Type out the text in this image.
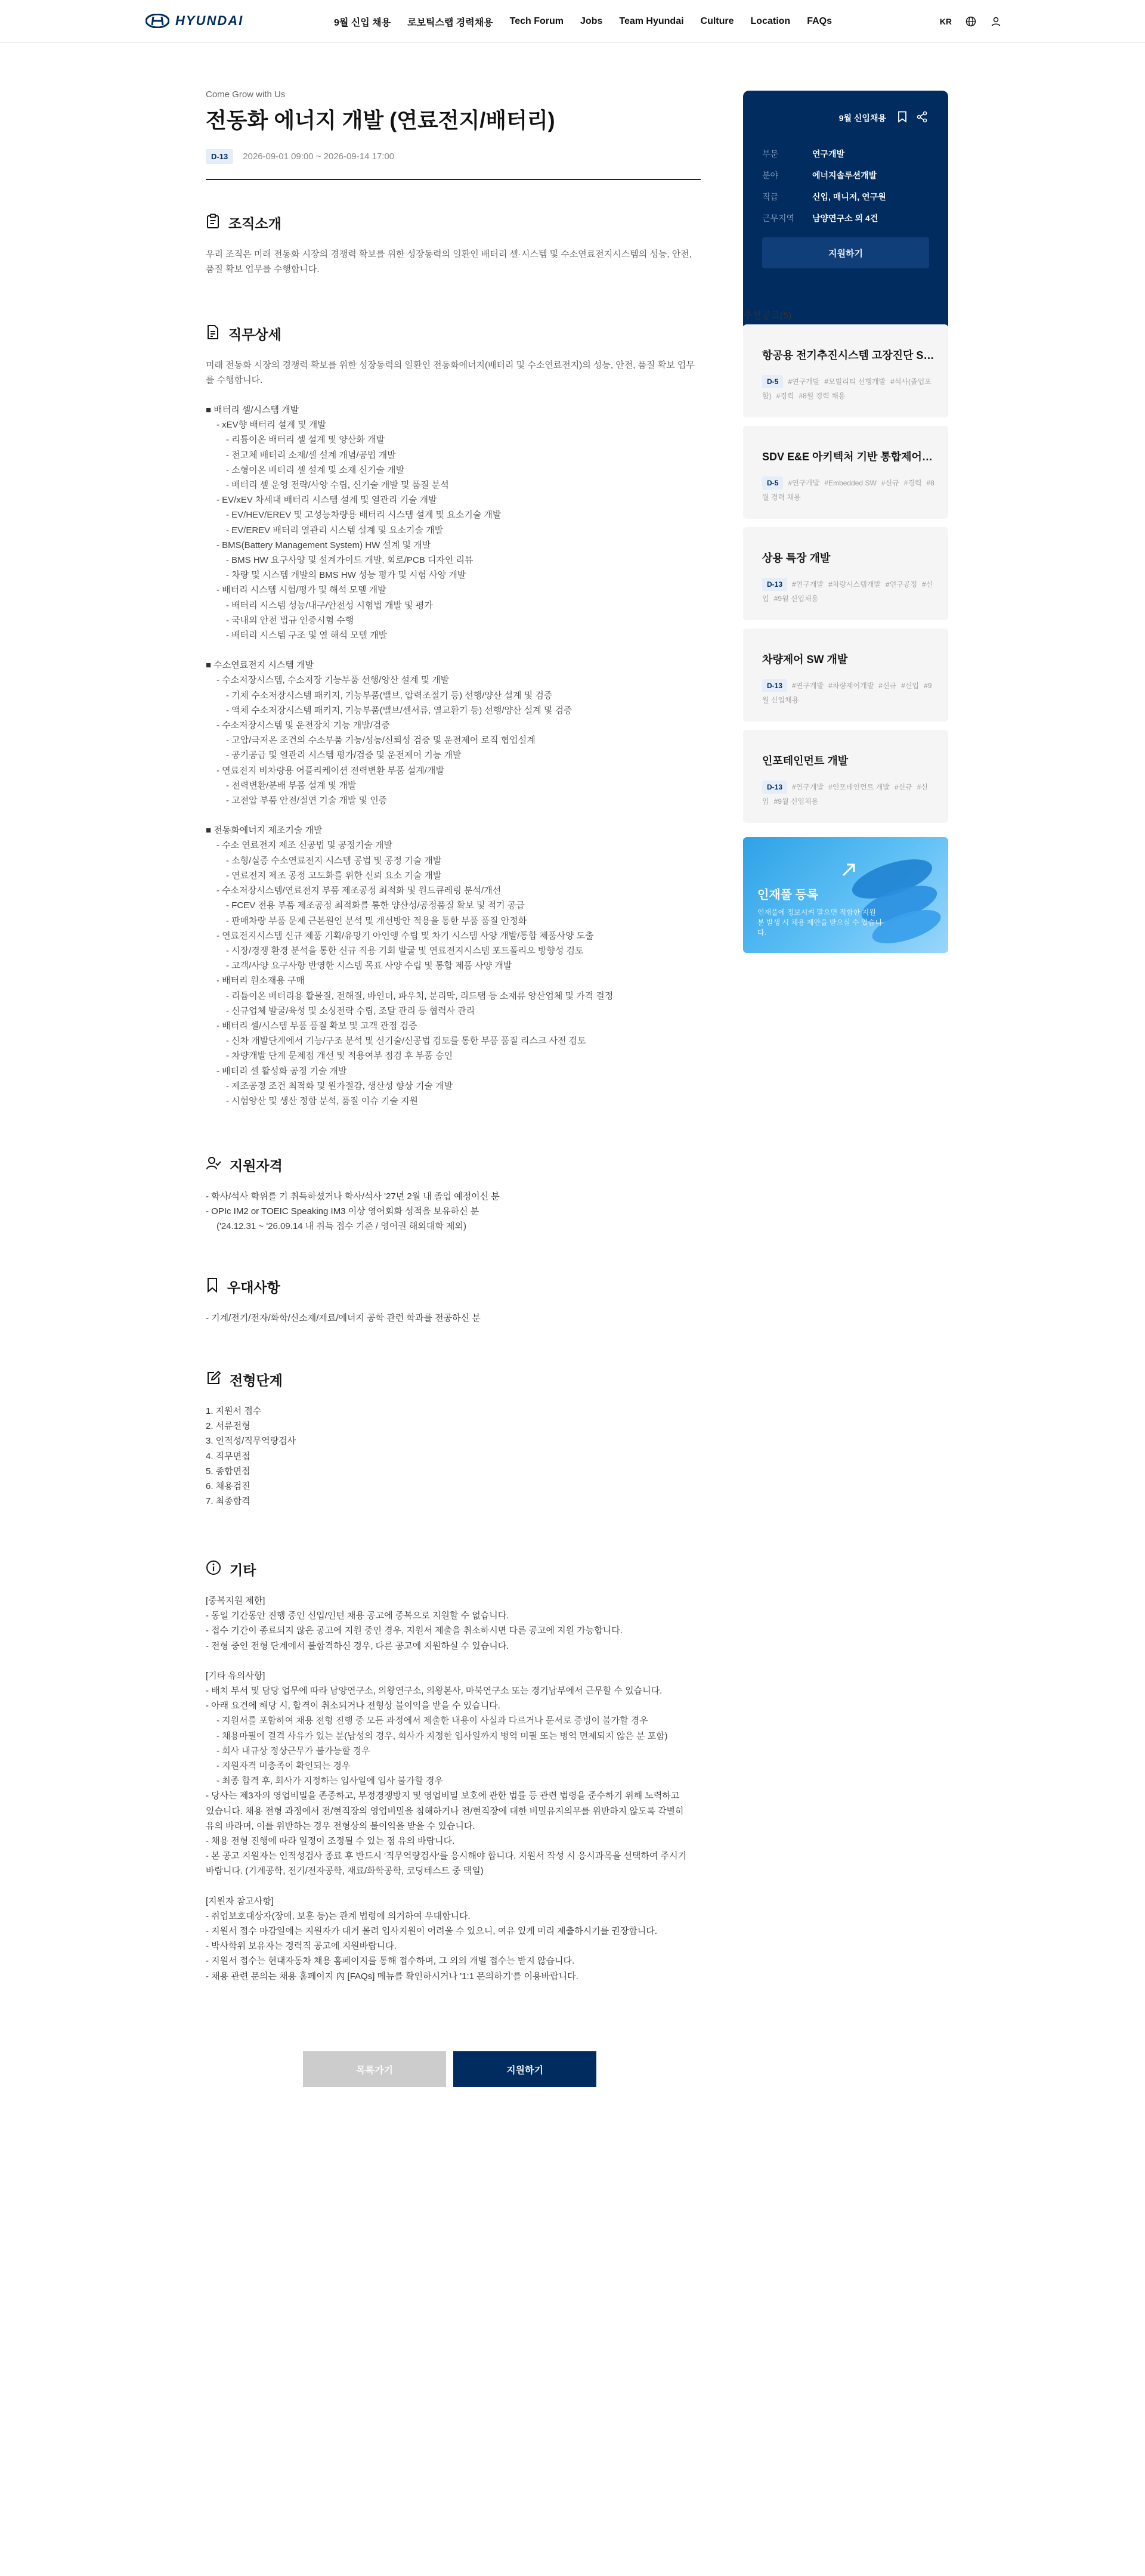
HYUNDAI	9월 신입 채용 로보틱스랩 경력채용 Tech Forum Jobs Team Hyundai Culture Location FAQs	KR
Come Grow with Us
전동화 에너지 개발 (연료전지/배터리)
D-13	2026-09-01 09:00 ~ 2026-09-14 17:00
조직소개

우리 조직은 미래 전동화 시장의 경쟁력 확보를 위한 성장동력의 일환인 배터리 셀·시스템 및 수소연료전지시스템의 성능, 안전, 품질 확보 업무를 수행합니다.

직무상세

미래 전동화 시장의 경쟁력 확보를 위한 성장동력의 일환인 전동화에너지(배터리 및 수소연료전지)의 성능, 안전, 품질 확보 업무를 수행합니다.

■ 배터리 셀/시스템 개발
- xEV향 배터리 설계 및 개발
- 리튬이온 배터리 셀 설계 및 양산화 개발
- 전고체 배터리 소재/셀 설계 개념/공법 개발
- 소형이온 배터리 셀 설계 및 소재 신기술 개발
- 배터리 셀 운영 전략/사양 수립, 신기술 개발 및 품질 분석
- EV/xEV 차세대 배터리 시스템 설계 및 열관리 기술 개발
- EV/HEV/EREV 및 고성능차량용 배터리 시스템 설계 및 요소기술 개발
- EV/EREV 배터리 열관리 시스템 설계 및 요소기술 개발
- BMS(Battery Management System) HW 설계 및 개발
- BMS HW 요구사양 및 설계가이드 개발, 회로/PCB 디자인 리뷰
- 차량 및 시스템 개발의 BMS HW 성능 평가 및 시험 사양 개발
- 배터리 시스템 시험/평가 및 해석 모델 개발
- 배터리 시스템 성능/내구/안전성 시험법 개발 및 평가
- 국내외 안전 법규 인증시험 수행
- 배터리 시스템 구조 및 열 해석 모델 개발
■ 수소연료전지 시스템 개발
- 수소저장시스템, 수소저장 기능부품 선행/양산 설계 및 개발
- 기체 수소저장시스템 패키지, 기능부품(밸브, 압력조절기 등) 선행/양산 설계 및 검증
- 액체 수소저장시스템 패키지, 기능부품(밸브/센서류, 열교환기 등) 선행/양산 설계 및 검증
- 수소저장시스템 및 운전장치 기능 개발/검증
- 고압/극저온 조건의 수소부품 기능/성능/신뢰성 검증 및 운전제어 로직 협업설계
- 공기공급 및 열관리 시스템 평가/검증 및 운전제어 기능 개발
- 연료전지 비차량용 어플리케이션 전력변환 부품 설계/개발
- 전력변환/분배 부품 설계 및 개발
- 고전압 부품 안전/절연 기술 개발 및 인증
■ 전동화에너지 제조기술 개발
- 수소 연료전지 제조 신공법 및 공정기술 개발
- 소형/실증 수소연료전지 시스템 공법 및 공정 기술 개발
- 연료전지 제조 공정 고도화를 위한 신뢰 요소 기술 개발
- 수소저장시스템/연료전지 부품 제조공정 최적화 및 원드큐레링 분석/개선
- FCEV 전용 부품 제조공정 최적화를 통한 양산성/공정품질 확보 및 적기 공급
- 판매차량 부품 문제 근본원인 분석 및 개선방안 적용을 통한 부품 품질 안정화
- 연료전지시스템 신규 제품 기획/유망기 아인앵 수립 및 차기 시스템 사양 개발/통합 제품사양 도출
- 시장/경쟁 환경 분석을 통한 신규 직용 기회 발굴 및 연료전지시스템 포트폴리오 방향성 검토
- 고객/사양 요구사항 반영한 시스템 목표 사양 수립 및 통합 제품 사양 개발
- 배터리 원소재용 구매
- 리튬이온 배터리용 활물질, 전해질, 바인더, 파우치, 분리막, 리드탭 등 소재류 양산업체 및 가격 결정
- 신규업체 발굴/육성 및 소싱전략 수립, 조달 관리 등 협력사 관리
- 배터리 셀/시스템 부품 품질 확보 및 고객 관점 검증
- 신차 개발단계에서 기능/구조 분석 및 신기술/신공법 검토를 통한 부품 품질 리스크 사전 검토
- 차량개발 단계 문제점 개선 및 적용여부 점검 후 부품 승인
- 배터리 셀 활성화 공정 기술 개발
- 제조공정 조건 최적화 및 원가절감, 생산성 향상 기술 개발
- 시험양산 및 생산 정합 분석, 품질 이슈 기술 지원
지원자격
- 학사/석사 학위를 기 취득하셨거나 학사/석사 '27년 2월 내 졸업 예정이신 분
- OPIc IM2 or TOEIC Speaking IM3 이상 영어회화 성적을 보유하신 분
('24.12.31 ~ '26.09.14 내 취득 접수 기준 / 영어권 해외대학 제외)
우대사항
- 기계/전기/전자/화학/신소재/재료/에너지 공학 관련 학과를 전공하신 분
전형단계
1. 지원서 접수
2. 서류전형
3. 인적성/직무역량검사
4. 직무면접
5. 종합면접
6. 채용검진
7. 최종합격
기타
[중복지원 제한]
- 동일 기간동안 진행 중인 신입/인턴 채용 공고에 중복으로 지원할 수 없습니다.
- 접수 기간이 종료되지 않은 공고에 지원 중인 경우, 지원서 제출을 취소하시면 다른 공고에 지원 가능합니다.
- 전형 중인 전형 단계에서 불합격하신 경우, 다른 공고에 지원하실 수 있습니다.
[기타 유의사항]
- 배치 부서 및 담당 업무에 따라 남양연구소, 의왕연구소, 의왕본사, 마북연구소 또는 경기남부에서 근무할 수 있습니다.
- 아래 요건에 해당 시, 합격이 취소되거나 전형상 불이익을 받을 수 있습니다.
- 지원서를 포함하여 채용 전형 진행 중 모든 과정에서 제출한 내용이 사실과 다르거나 문서로 증빙이 불가할 경우
- 채용마필에 결격 사유가 있는 분(남성의 경우, 회사가 지정한 입사일까지 병역 미필 또는 병역 면제되지 않은 분 포함)
- 회사 내규상 정상근무가 불가능할 경우
- 지원자격 미충족이 확인되는 경우
- 최종 합격 후, 회사가 지정하는 입사일에 입사 불가할 경우
- 당사는 제3자의 영업비밀을 존중하고, 부정경쟁방지 및 영업비밀 보호에 관한 법률 등 관련 법령을 준수하기 위해 노력하고
있습니다. 채용 전형 과정에서 전/현직장의 영업비밀을 침해하거나 전/현직장에 대한 비밀유지의무를 위반하지 않도록 각별히
유의 바라며, 이를 위반하는 경우 전형상의 불이익을 받을 수 있습니다.
- 채용 전형 진행에 따라 일정이 조정될 수 있는 점 유의 바랍니다.
- 본 공고 지원자는 인적성검사 종료 후 반드시 '직무역량검사'를 응시해야 합니다. 지원서 작성 시 응시과목을 선택하여 주시기
바랍니다. (기계공학, 전기/전자공학, 재료/화학공학, 코딩테스트 중 택일)
[지원자 참고사항]
- 취업보호대상자(장애, 보훈 등)는 관계 법령에 의거하여 우대합니다.
- 지원서 접수 마감일에는 지원자가 대거 몰려 입사지원이 어려울 수 있으니, 여유 있게 미리 제출하시기를 권장합니다.
- 박사학위 보유자는 경력직 공고에 지원바랍니다.
- 지원서 접수는 현대자동차 채용 홈페이지를 통해 접수하며, 그 외의 개별 접수는 받지 않습니다.
- 채용 관련 문의는 채용 홈페이지 內 [FAQs] 메뉴를 확인하시거나 '1:1 문의하기'를 이용바랍니다.
목록가기	지원하기
9월 신입채용
부문	연구개발
분야	에너지솔루션개발
직급	신입, 매니저, 연구원
근무지역	남양연구소 외 4건
지원하기
추천공고(5)
항공용 전기추진시스템 고장진단 S…
D-5 #연구개발 #모빌리티 선행개발 #석사(졸업포함) #경력 #8월 경력 채용
SDV E&E 아키텍처 기반 통합제어…
D-5 #연구개발 #Embedded SW #신규 #경력 #8월 경력 채용
상용 특장 개발
D-13 #연구개발 #차량시스템개발 #연구공정 #신입 #9월 신입채용
차량제어 SW 개발
D-13 #연구개발 #차량제어개발 #신규 #신입 #9월 신입채용
인포테인먼트 개발
D-13 #연구개발 #인포테인먼트 개발 #신규 #신입 #9월 신입채용
인재풀 등록
인재풀에 정보시켜 말으면 적합한 지원분 발생 시 채용 제안을 받으실 수 있습니다.
